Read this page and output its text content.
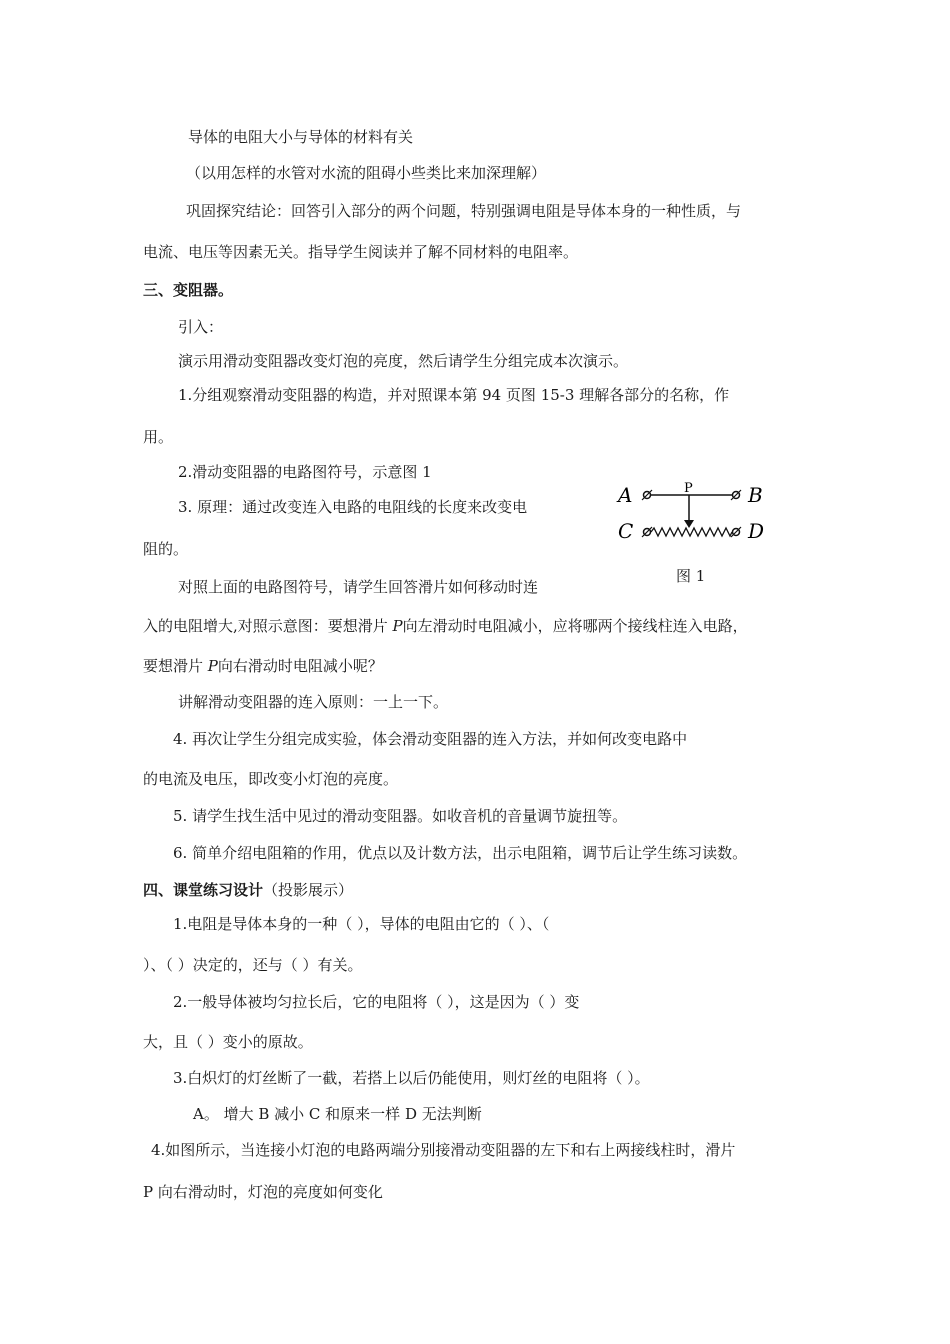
导体的电阻大小与导体的材料有关
（以用怎样的水管对水流的阻碍小些类比来加深理解）
巩固探究结论：回答引入部分的两个问题，特别强调电阻是导体本身的一种性质，与
电流、电压等因素无关。指导学生阅读并了解不同材料的电阻率。
三、变阻器。
引入：
演示用滑动变阻器改变灯泡的亮度，然后请学生分组完成本次演示。
1.分组观察滑动变阻器的构造，并对照课本第 94 页图 15-3 理解各部分的名称，作
用。
2.滑动变阻器的电路图符号，示意图 1
3. 原理：通过改变连入电路的电阻线的长度来改变电
阻的。
A	B
C	D
P
图 1
对照上面的电路图符号，请学生回答滑片如何移动时连
入的电阻增大,对照示意图：要想滑片 P向左滑动时电阻减小，应将哪两个接线柱连入电路，
要想滑片 P向右滑动时电阻减小呢？
讲解滑动变阻器的连入原则：一上一下。
4. 再次让学生分组完成实验，体会滑动变阻器的连入方法，并如何改变电路中
的电流及电压，即改变小灯泡的亮度。
5. 请学生找生活中见过的滑动变阻器。如收音机的音量调节旋扭等。
6. 简单介绍电阻箱的作用，优点以及计数方法，出示电阻箱，调节后让学生练习读数。
四、课堂练习设计（投影展示）
1.电阻是导体本身的一种（ ），导体的电阻由它的（ ）、（
）、（ ）决定的，还与（ ）有关。
2.一般导体被均匀拉长后，它的电阻将（ ），这是因为（ ）变
大，且（ ）变小的原故。
3.白炽灯的灯丝断了一截，若搭上以后仍能使用，则灯丝的电阻将（ ）。
A。 增大 B 减小 C 和原来一样 D 无法判断
4.如图所示，当连接小灯泡的电路两端分别接滑动变阻器的左下和右上两接线柱时，滑片
P 向右滑动时，灯泡的亮度如何变化
